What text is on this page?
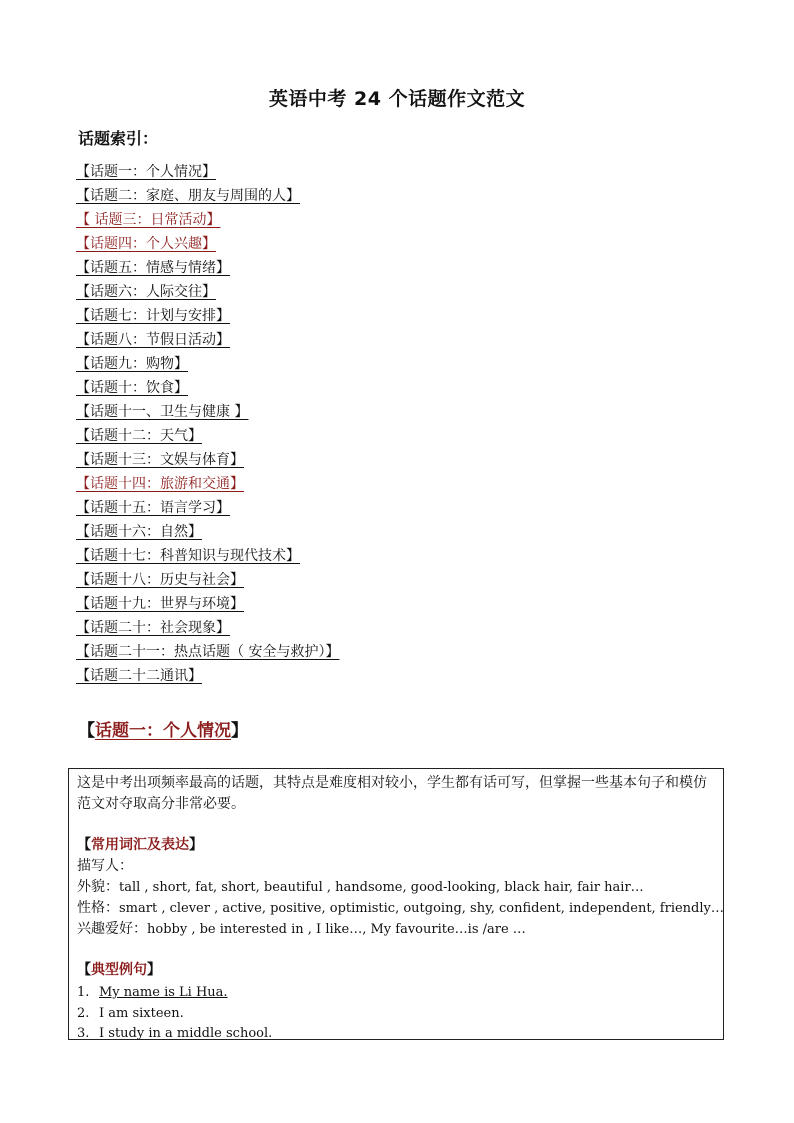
英语中考 24 个话题作文范文
话题索引：
【话题一：个人情况】
【话题二：家庭、朋友与周围的人】
【 话题三：日常活动】
【话题四：个人兴趣】
【话题五：情感与情绪】
【话题六：人际交往】
【话题七：计划与安排】
【话题八：节假日活动】
【话题九：购物】
【话题十：饮食】
【话题十一、卫生与健康 】
【话题十二：天气】
【话题十三：文娱与体育】
【话题十四：旅游和交通】
【话题十五：语言学习】
【话题十六：自然】
【话题十七：科普知识与现代技术】
【话题十八：历史与社会】
【话题十九：世界与环境】
【话题二十：社会现象】
【话题二十一：热点话题（ 安全与救护）】
【话题二十二通讯】
【话题一：个人情况】

这是中考出项频率最高的话题，其特点是难度相对较小，学生都有话可写，但掌握一些基本句子和模仿范文对夺取高分非常必要。

【常用词汇及表达】
描写人：
外貌：tall , short, fat, short, beautiful , handsome, good-looking, black hair, fair hair…
性格：smart , clever , active, positive, optimistic, outgoing, shy, confident, independent, friendly…
兴趣爱好：hobby , be interested in , I like…, My favourite…is /are …
【典型例句】
1. My name is Li Hua.
2. I am sixteen.
3. I study in a middle school.
